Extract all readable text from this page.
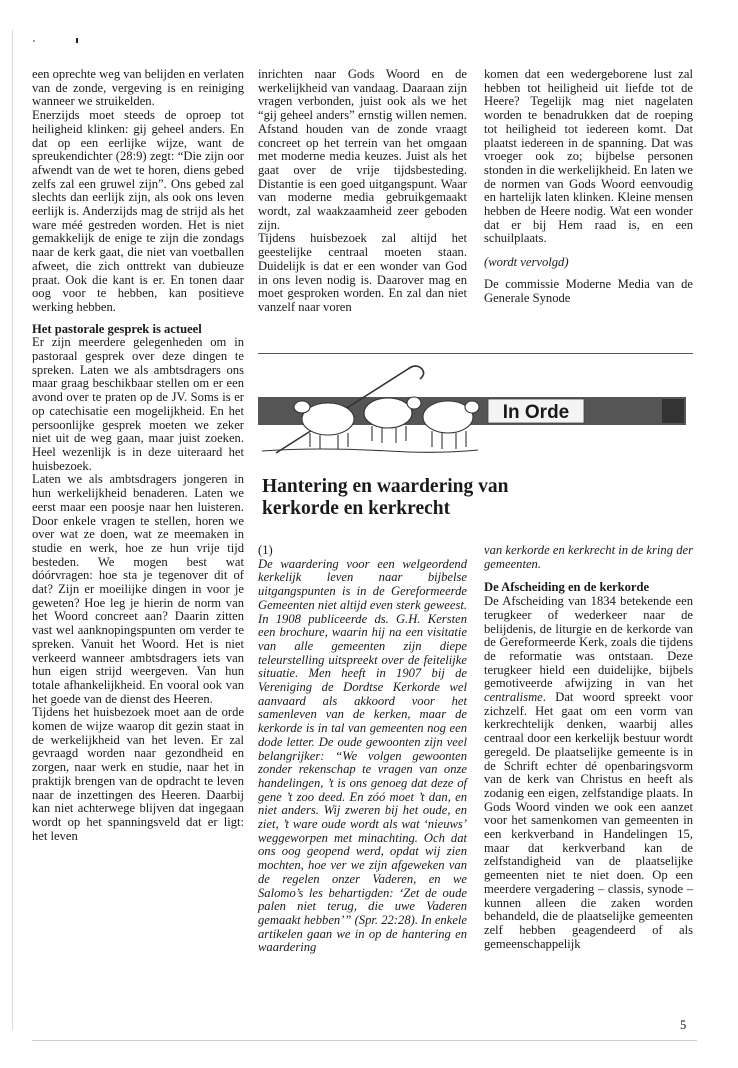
een oprechte weg van belijden en verlaten van de zonde, vergeving is en reiniging wanneer we struikelden.

Enerzijds moet steeds de oproep tot heiligheid klinken: gij geheel anders. En dat op een eerlijke wijze, want de spreukendichter (28:9) zegt: “Die zijn oor afwendt van de wet te horen, diens gebed zelfs zal een gruwel zijn”. Ons gebed zal slechts dan eerlijk zijn, als ook ons leven eerlijk is. Anderzijds mag de strijd als het ware méé gestreden worden. Het is niet gemakkelijk de enige te zijn die zondags naar de kerk gaat, die niet van voetballen afweet, die zich onttrekt van dubieuze praat. Ook die kant is er. En tonen daar oog voor te hebben, kan positieve werking hebben.

Het pastorale gesprek is actueel

Er zijn meerdere gelegenheden om in pastoraal gesprek over deze dingen te spreken. Laten we als ambtsdragers ons maar graag beschikbaar stellen om er een avond over te praten op de JV. Soms is er op catechisatie een mogelijkheid. En het persoonlijke gesprek moeten we zeker niet uit de weg gaan, maar juist zoeken. Heel wezenlijk is in deze uiteraard het huisbezoek.

Laten we als ambtsdragers jongeren in hun werkelijkheid benaderen. Laten we eerst maar een poosje naar hen luisteren. Door enkele vragen te stellen, horen we over wat ze doen, wat ze meemaken in studie en werk, hoe ze hun vrije tijd besteden. We mogen best wat dóórvragen: hoe sta je tegenover dit of dat? Zijn er moeilijke dingen in voor je geweten? Hoe leg je hierin de norm van het Woord concreet aan? Daarin zitten vast wel aanknopingspunten om verder te spreken. Vanuit het Woord. Het is niet verkeerd wanneer ambtsdragers iets van hun eigen strijd weergeven. Van hun totale afhankelijkheid. En vooral ook van het goede van de dienst des Heeren.

Tijdens het huisbezoek moet aan de orde komen de wijze waarop dit gezin staat in de werkelijkheid van het leven. Er zal gevraagd worden naar gezondheid en zorgen, naar werk en studie, naar het in praktijk brengen van de opdracht te leven naar de inzettingen des Heeren. Daarbij kan niet achterwege blijven dat ingegaan wordt op het spanningsveld dat er ligt: het leven

inrichten naar Gods Woord en de werkelijkheid van vandaag. Daaraan zijn vragen verbonden, juist ook als we het “gij geheel anders” ernstig willen nemen. Afstand houden van de zonde vraagt concreet op het terrein van het omgaan met moderne media keuzes. Juist als het gaat over de vrije tijdsbesteding. Distantie is een goed uitgangspunt. Waar van moderne media gebruikgemaakt wordt, zal waakzaamheid zeer geboden zijn.

Tijdens huisbezoek zal altijd het geestelijke centraal moeten staan. Duidelijk is dat er een wonder van God in ons leven nodig is. Daarover mag en moet gesproken worden. En zal dan niet vanzelf naar voren

komen dat een wedergeborene lust zal hebben tot heiligheid uit liefde tot de Heere? Tegelijk mag niet nagelaten worden te benadrukken dat de roeping tot heiligheid tot iedereen komt. Dat plaatst iedereen in de spanning. Dat was vroeger ook zo; bijbelse personen stonden in die werkelijkheid. En laten we de normen van Gods Woord eenvoudig en hartelijk laten klinken. Kleine mensen hebben de Heere nodig. Wat een wonder dat er bij Hem raad is, en een schuilplaats.

(wordt vervolgd)

De commissie Moderne Media van de Generale Synode

In Orde
Hantering en waardering van
kerkorde en kerkrecht

(1)

De waardering voor een welgeordend kerkelijk leven naar bijbelse uitgangspunten is in de Gereformeerde Gemeenten niet altijd even sterk geweest. In 1908 publiceerde ds. G.H. Kersten een brochure, waarin hij na een visitatie van alle gemeenten zijn diepe teleurstelling uitspreekt over de feitelijke situatie. Men heeft in 1907 bij de Vereniging de Dordtse Kerkorde wel aanvaard als akkoord voor het samenleven van de kerken, maar de kerkorde is in tal van gemeenten nog een dode letter. De oude gewoonten zijn veel belangrijker: “We volgen gewoonten zonder rekenschap te vragen van onze handelingen, ’t is ons genoeg dat deze of gene ’t zoo deed. En zóó moet ’t dan, en niet anders. Wij zweren bij het oude, en ziet, ’t ware oude wordt als wat ‘nieuws’ weggeworpen met minachting. Och dat ons oog geopend werd, opdat wij zien mochten, hoe ver we zijn afgeweken van de regelen onzer Vaderen, en we Salomo’s les behartigden: ‘Zet de oude palen niet terug, die uwe Vaderen gemaakt hebben’” (Spr. 22:28). In enkele artikelen gaan we in op de hantering en waardering

van kerkorde en kerkrecht in de kring der gemeenten.

De Afscheiding en de kerkorde

De Afscheiding van 1834 betekende een terugkeer of wederkeer naar de belijdenis, de liturgie en de kerkorde van de Gereformeerde Kerk, zoals die tijdens de reformatie was ontstaan. Deze terugkeer hield een duidelijke, bijbels gemotiveerde afwijzing in van het centralisme. Dat woord spreekt voor zichzelf. Het gaat om een vorm van kerkrechtelijk denken, waarbij alles centraal door een kerkelijk bestuur wordt geregeld. De plaatselijke gemeente is in de Schrift echter dé openbaringsvorm van de kerk van Christus en heeft als zodanig een eigen, zelfstandige plaats. In Gods Woord vinden we ook een aanzet voor het samenkomen van gemeenten in een kerkverband in Handelingen 15, maar dat kerkverband kan de zelfstandigheid van de plaatselijke gemeenten niet te niet doen. Op een meerdere vergadering – classis, synode – kunnen alleen die zaken worden behandeld, die de plaatselijke gemeenten zelf hebben geagendeerd of als gemeenschappelijk

5
